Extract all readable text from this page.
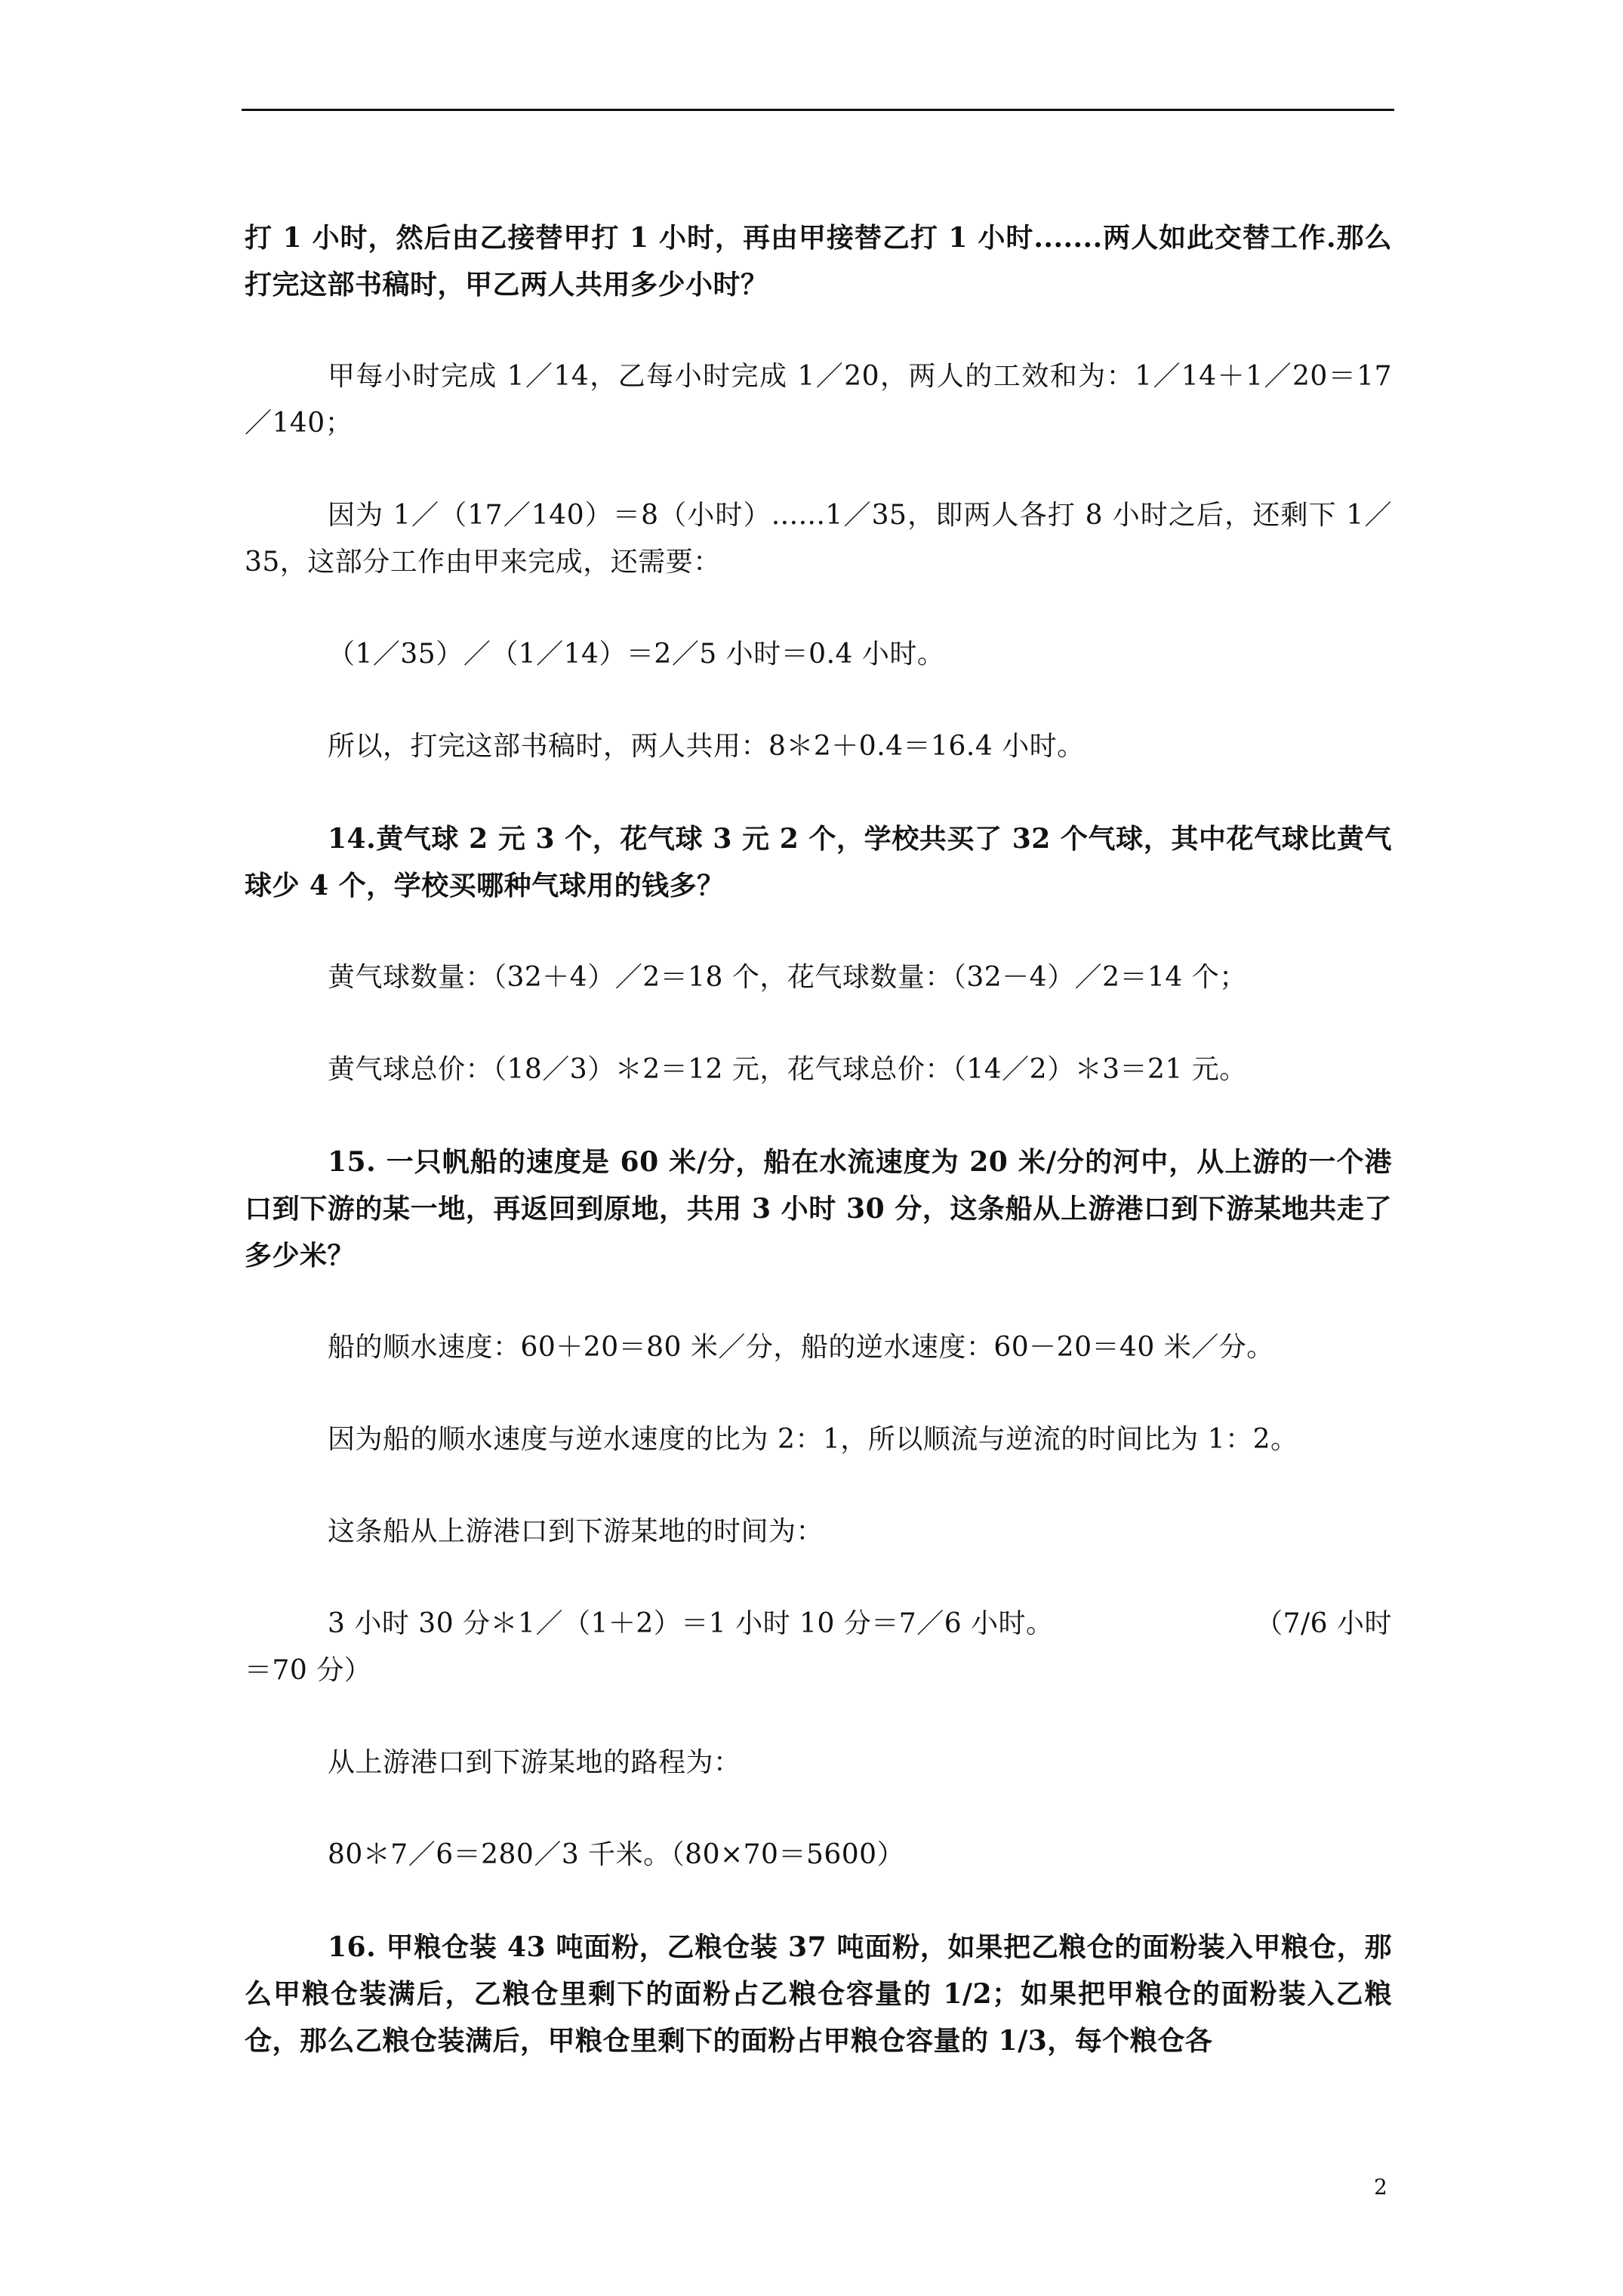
打 1 小时，然后由乙接替甲打 1 小时，再由甲接替乙打 1 小时.......两人如此交替工作.那么打完这部书稿时，甲乙两人共用多少小时？

甲每小时完成 1／14，乙每小时完成 1／20，两人的工效和为：1／14＋1／20＝17／140；

因为 1／（17／140）＝8（小时）......1／35，即两人各打 8 小时之后，还剩下 1／35，这部分工作由甲来完成，还需要：

（1／35）／（1／14）＝2／5 小时＝0.4 小时。

所以，打完这部书稿时，两人共用：8＊2＋0.4＝16.4 小时。

14.黄气球 2 元 3 个，花气球 3 元 2 个，学校共买了 32 个气球，其中花气球比黄气球少 4 个，学校买哪种气球用的钱多？

黄气球数量：（32＋4）／2＝18 个，花气球数量：（32－4）／2＝14 个；

黄气球总价：（18／3）＊2＝12 元，花气球总价：（14／2）＊3＝21 元。

15. 一只帆船的速度是 60 米/分，船在水流速度为 20 米/分的河中，从上游的一个港口到下游的某一地，再返回到原地，共用 3 小时 30 分，这条船从上游港口到下游某地共走了多少米？

船的顺水速度：60＋20＝80 米／分，船的逆水速度：60－20＝40 米／分。

因为船的顺水速度与逆水速度的比为 2：1，所以顺流与逆流的时间比为 1：2。

这条船从上游港口到下游某地的时间为：

3 小时 30 分＊1／（1＋2）＝1 小时 10 分＝7／6 小时。	（7/6 小时
＝70 分）

从上游港口到下游某地的路程为：

80＊7／6＝280／3 千米。（80×70＝5600）

16. 甲粮仓装 43 吨面粉，乙粮仓装 37 吨面粉，如果把乙粮仓的面粉装入甲粮仓，那么甲粮仓装满后，乙粮仓里剩下的面粉占乙粮仓容量的 1/2；如果把甲粮仓的面粉装入乙粮仓，那么乙粮仓装满后，甲粮仓里剩下的面粉占甲粮仓容量的 1/3，每个粮仓各

2
